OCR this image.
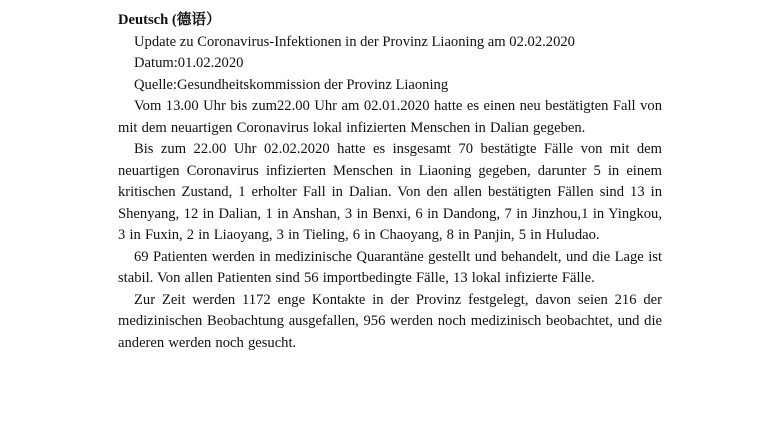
Deutsch (德语）

Update zu Coronavirus-Infektionen in der Provinz Liaoning am 02.02.2020

Datum:01.02.2020

Quelle:Gesundheitskommission der Provinz Liaoning

Vom 13.00 Uhr bis zum22.00 Uhr am 02.01.2020 hatte es einen neu bestätigten Fall von mit dem neuartigen Coronavirus lokal infizierten Menschen in Dalian gegeben.

Bis zum 22.00 Uhr 02.02.2020 hatte es insgesamt 70 bestätigte Fälle von mit dem neuartigen Coronavirus infizierten Menschen in Liaoning gegeben, darunter 5 in einem kritischen Zustand, 1 erholter Fall in Dalian. Von den allen bestätigten Fällen sind 13 in Shenyang, 12 in Dalian, 1 in Anshan, 3 in Benxi, 6 in Dandong, 7 in Jinzhou,1 in Yingkou, 3 in Fuxin, 2 in Liaoyang, 3 in Tieling, 6 in Chaoyang, 8 in Panjin, 5 in Huludao.

69 Patienten werden in medizinische Quarantäne gestellt und behandelt, und die Lage ist stabil. Von allen Patienten sind 56 importbedingte Fälle, 13 lokal infizierte Fälle.

Zur Zeit werden 1172 enge Kontakte in der Provinz festgelegt, davon seien 216 der medizinischen Beobachtung ausgefallen, 956 werden noch medizinisch beobachtet, und die anderen werden noch gesucht.
